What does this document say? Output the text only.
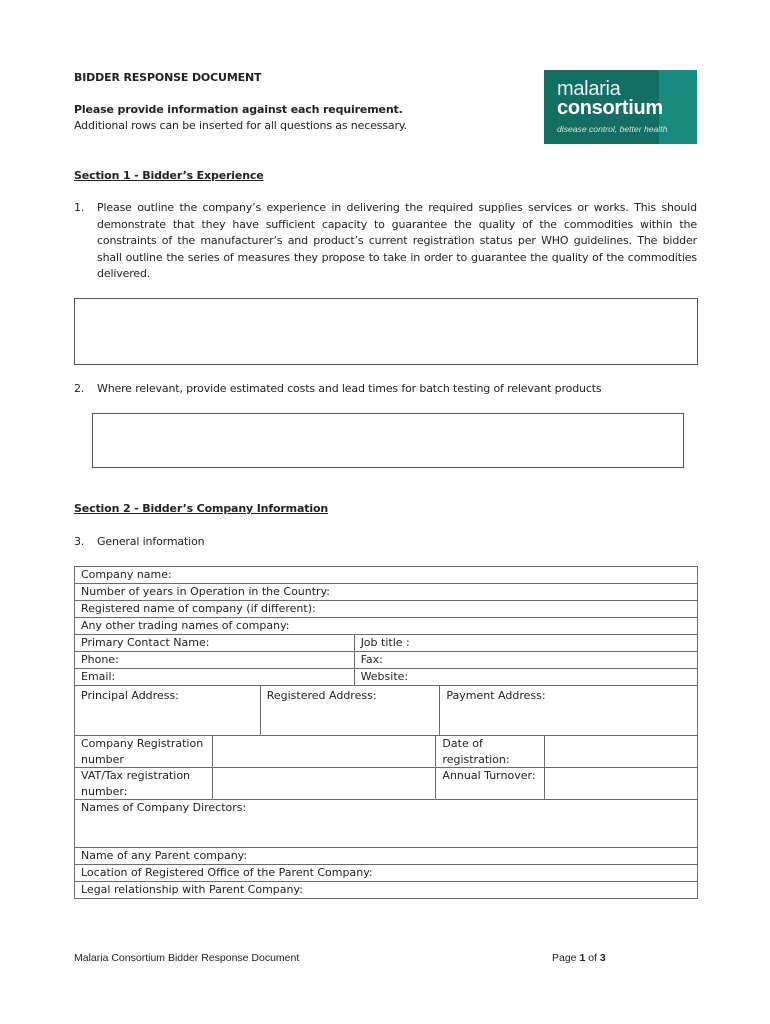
BIDDER RESPONSE DOCUMENT
Please provide information against each requirement.
Additional rows can be inserted for all questions as necessary.
malaria
consortium
disease control, better health
Section 1 - Bidder’s Experience
1. Please outline the company’s experience in delivering the required supplies services or works. This should demonstrate that they have sufficient capacity to guarantee the quality of the commodities within the constraints of the manufacturer’s and product’s current registration status per WHO guidelines. The bidder shall outline the series of measures they propose to take in order to guarantee the quality of the commodities delivered.
2. Where relevant, provide estimated costs and lead times for batch testing of relevant products
Section 2 - Bidder’s Company Information
3. General information
Company name:						
Number of years in Operation in the Country:						
Registered name of company (if different):						
Any other trading names of company:						
Primary Contact Name:			Job title :			
Phone:			Fax:			
Email:			Website:			
Principal Address:		Registered Address:			Payment Address:	
Company Registration number				Date of registration:		
VAT/Tax registration number:				Annual Turnover:		
Names of Company Directors:						
Name of any Parent company:						
Location of Registered Office of the Parent Company:						
Legal relationship with Parent Company:						
Malaria Consortium Bidder Response Document	Page 1 of 3
